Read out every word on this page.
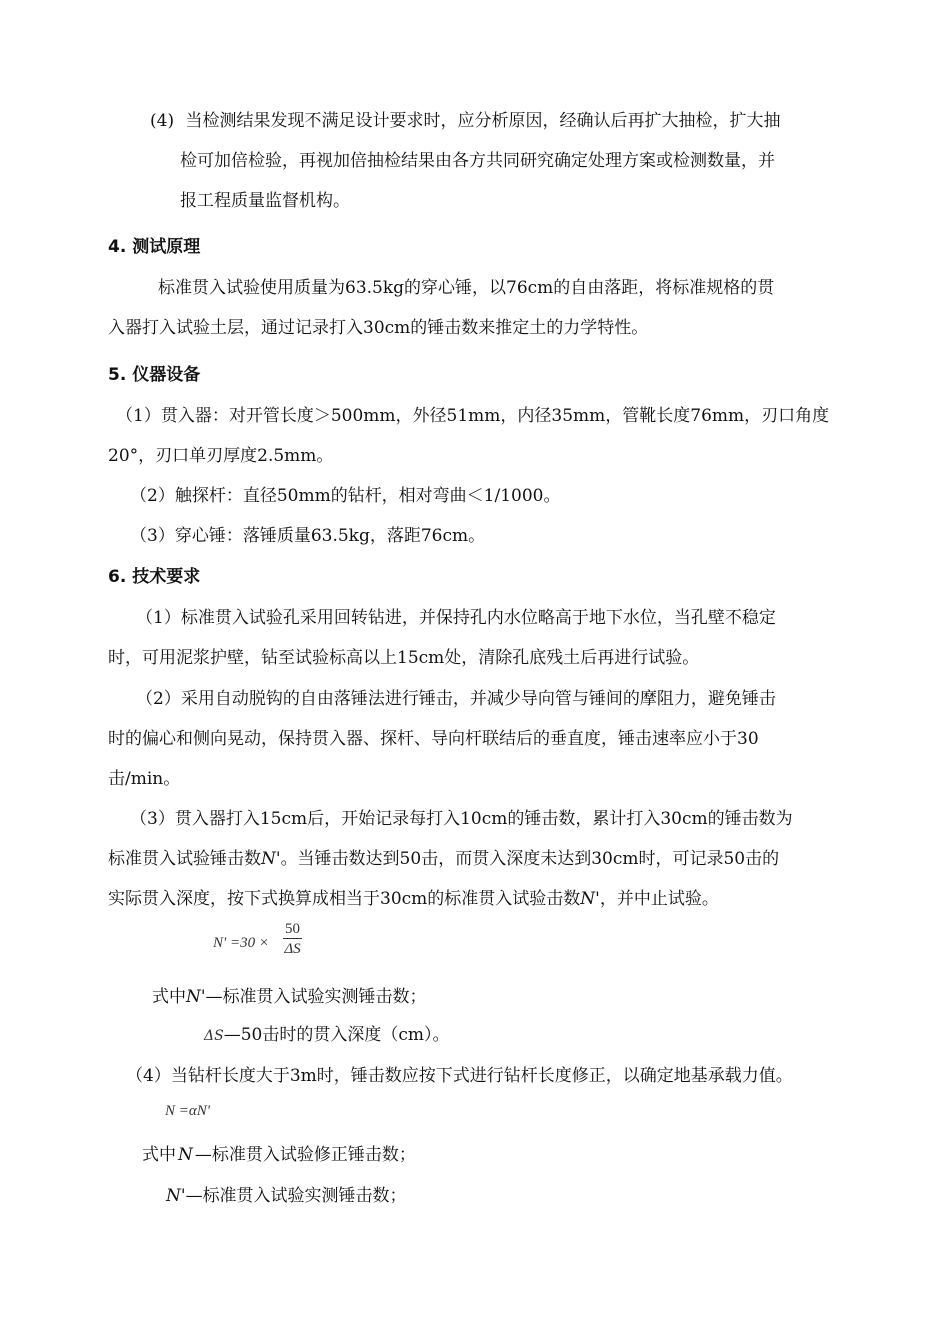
(4) 当检测结果发现不满足设计要求时，应分析原因，经确认后再扩大抽检，扩大抽
检可加倍检验，再视加倍抽检结果由各方共同研究确定处理方案或检测数量，并
报工程质量监督机构。
4. 测试原理
标准贯入试验使用质量为63.5kg的穿心锤，以76cm的自由落距，将标准规格的贯
入器打入试验土层，通过记录打入30cm的锤击数来推定土的力学特性。
5. 仪器设备
（1）贯入器：对开管长度＞500mm，外径51mm，内径35mm，管靴长度76mm，刃口角度
20°，刃口单刃厚度2.5mm。
（2）触探杆：直径50mm的钻杆，相对弯曲＜1/1000。
（3）穿心锤：落锤质量63.5kg，落距76cm。
6. 技术要求
（1）标准贯入试验孔采用回转钻进，并保持孔内水位略高于地下水位，当孔壁不稳定
时，可用泥浆护壁，钻至试验标高以上15cm处，清除孔底残土后再进行试验。
（2）采用自动脱钩的自由落锤法进行锤击，并减少导向管与锤间的摩阻力，避免锤击
时的偏心和侧向晃动，保持贯入器、探杆、导向杆联结后的垂直度，锤击速率应小于30
击/min。
（3）贯入器打入15cm后，开始记录每打入10cm的锤击数，累计打入30cm的锤击数为
标准贯入试验锤击数N'。当锤击数达到50击，而贯入深度未达到30cm时，可记录50击的
实际贯入深度，按下式换算成相当于30cm的标准贯入试验击数N'，并中止试验。
N' =30 ×
50
ΔS
式中N'—标准贯入试验实测锤击数；
ΔS—50击时的贯入深度（cm）。
（4）当钻杆长度大于3m时，锤击数应按下式进行钻杆长度修正，以确定地基承载力值。
N =αN'
式中 N —标准贯入试验修正锤击数；
N'—标准贯入试验实测锤击数；
